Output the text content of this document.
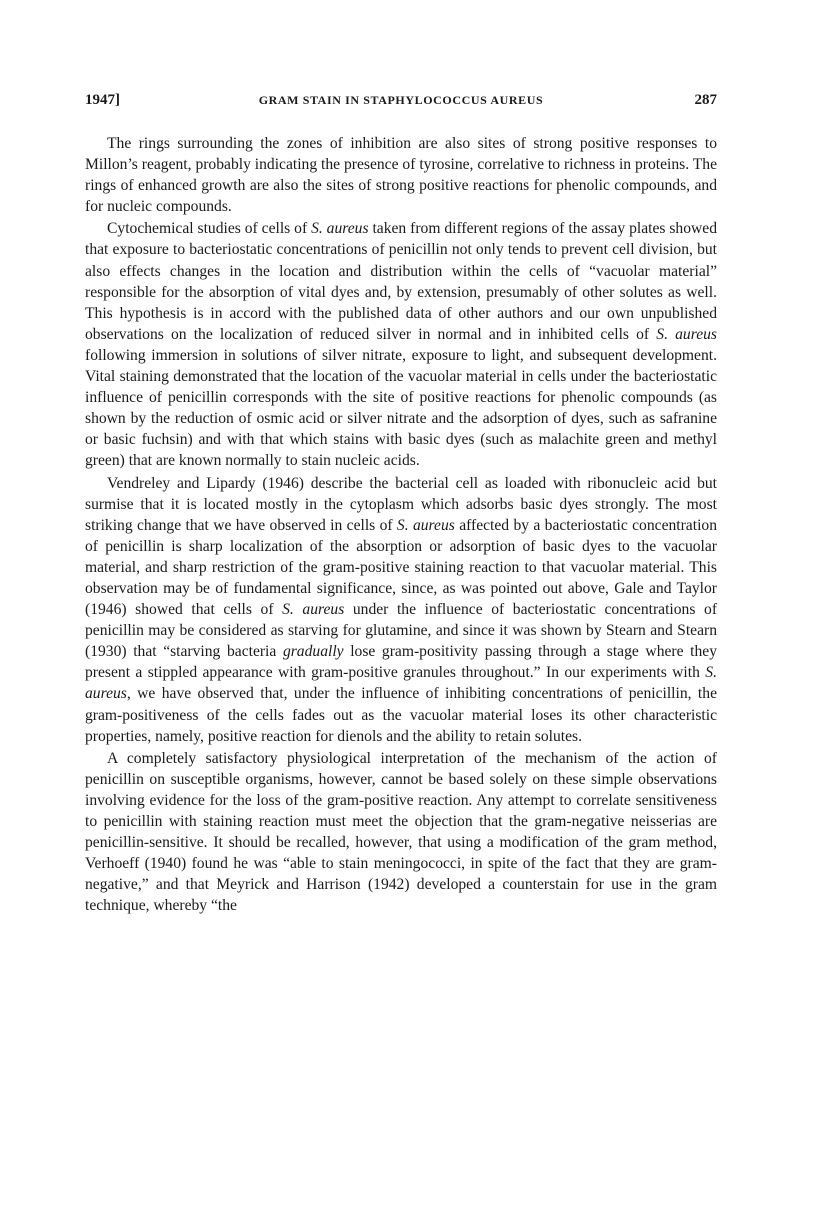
1947]	GRAM STAIN IN STAPHYLOCOCCUS AUREUS	287

The rings surrounding the zones of inhibition are also sites of strong positive responses to Millon’s reagent, probably indicating the presence of tyrosine, correlative to richness in proteins. The rings of enhanced growth are also the sites of strong positive reactions for phenolic compounds, and for nucleic compounds.

Cytochemical studies of cells of S. aureus taken from different regions of the assay plates showed that exposure to bacteriostatic concentrations of penicillin not only tends to prevent cell division, but also effects changes in the location and distribution within the cells of “vacuolar material” responsible for the absorption of vital dyes and, by extension, presumably of other solutes as well. This hypothesis is in accord with the published data of other authors and our own unpublished observations on the localization of reduced silver in normal and in inhibited cells of S. aureus following immersion in solutions of silver nitrate, exposure to light, and subsequent development. Vital staining demonstrated that the location of the vacuolar material in cells under the bacteriostatic influence of penicillin corresponds with the site of positive reactions for phenolic compounds (as shown by the reduction of osmic acid or silver nitrate and the adsorption of dyes, such as safranine or basic fuchsin) and with that which stains with basic dyes (such as malachite green and methyl green) that are known normally to stain nucleic acids.

Vendreley and Lipardy (1946) describe the bacterial cell as loaded with ribonucleic acid but surmise that it is located mostly in the cytoplasm which adsorbs basic dyes strongly. The most striking change that we have observed in cells of S. aureus affected by a bacteriostatic concentration of penicillin is sharp localization of the absorption or adsorption of basic dyes to the vacuolar material, and sharp restriction of the gram-positive staining reaction to that vacuolar material. This observation may be of fundamental significance, since, as was pointed out above, Gale and Taylor (1946) showed that cells of S. aureus under the influence of bacteriostatic concentrations of penicillin may be considered as starving for glutamine, and since it was shown by Stearn and Stearn (1930) that “starving bacteria gradually lose gram-positivity passing through a stage where they present a stippled appearance with gram-positive granules throughout.” In our experiments with S. aureus, we have observed that, under the influence of inhibiting concentrations of penicillin, the gram-positiveness of the cells fades out as the vacuolar material loses its other characteristic properties, namely, positive reaction for dienols and the ability to retain solutes.

A completely satisfactory physiological interpretation of the mechanism of the action of penicillin on susceptible organisms, however, cannot be based solely on these simple observations involving evidence for the loss of the gram-positive reaction. Any attempt to correlate sensitiveness to penicillin with staining reaction must meet the objection that the gram-negative neisserias are penicillin-sensitive. It should be recalled, however, that using a modification of the gram method, Verhoeff (1940) found he was “able to stain meningococci, in spite of the fact that they are gram-negative,” and that Meyrick and Harrison (1942) developed a counterstain for use in the gram technique, whereby “the
